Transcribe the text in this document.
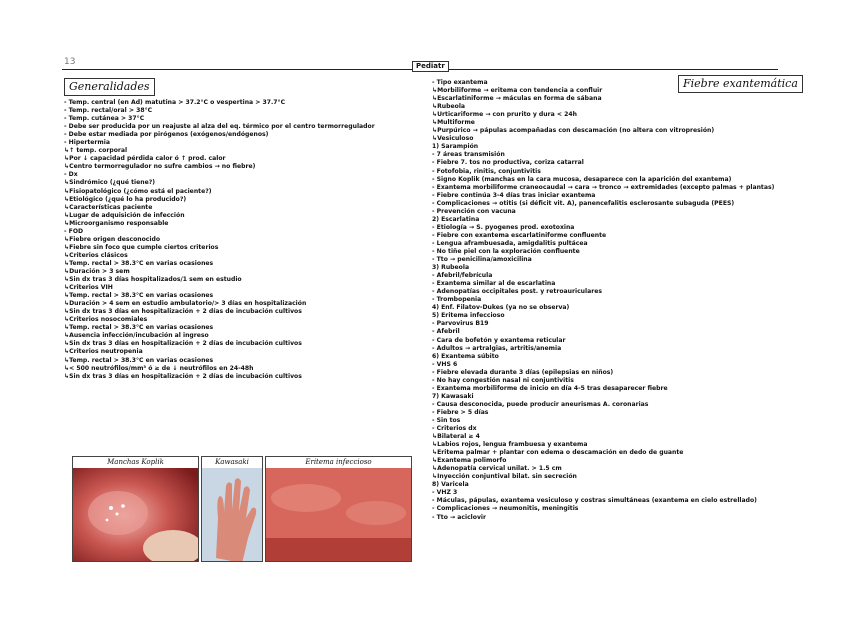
13	Pediatr
Generalidades	Fiebre exantemática
- Temp. central (en Ad) matutina > 37.2°C o vespertina > 37.7°C
- Temp. rectal/oral > 38°C
- Temp. cutánea > 37°C
- Debe ser producida por un reajuste al alza del eq. térmico por el centro termorregulador
- Debe estar mediada por pirógenos (exógenos/endógenos)
- Hipertermia
↳↑ temp. corporal
↳Por ↓ capacidad pérdida calor ó ↑ prod. calor
↳Centro termorregulador no sufre cambios → no fiebre)
- Dx
↳Sindrómico (¿qué tiene?)
↳Fisiopatológico (¿cómo está el paciente?)
↳Etiológico (¿qué lo ha producido?)
↳Características paciente
↳Lugar de adquisición de infección
↳Microorganismo responsable
- FOD
↳Fiebre origen desconocido
↳Fiebre sin foco que cumple ciertos criterios
↳Criterios clásicos
↳Temp. rectal > 38.3°C en varias ocasiones
↳Duración > 3 sem
↳Sin dx tras 3 días hospitalizados/1 sem en estudio
↳Criterios VIH
↳Temp. rectal > 38.3°C en varias ocasiones
↳Duración > 4 sem en estudio ambulatorio/> 3 días en hospitalización
↳Sin dx tras 3 días en hospitalización + 2 días de incubación cultivos
↳Criterios nosocomiales
↳Temp. rectal > 38.3°C en varias ocasiones
↳Ausencia infección/incubación al ingreso
↳Sin dx tras 3 días en hospitalización + 2 días de incubación cultivos
↳Criterios neutropenia
↳Temp. rectal > 38.3°C en varias ocasiones
↳< 500 neutrófilos/mm³ ó ≥ de ↓ neutrófilos en 24-48h
↳Sin dx tras 3 días en hospitalización + 2 días de incubación cultivos
- Tipo exantema
↳Morbiliforme → eritema con tendencia a confluir
↳Escarlatiniforme → máculas en forma de sábana
↳Rubeola
↳Urticariforme → con prurito y dura < 24h
↳Multiforme
↳Purpúrico → pápulas acompañadas con descamación (no altera con vitropresión)
↳Vesiculoso
1) Sarampión
- 7 áreas transmisión
- Fiebre 7. tos no productiva, coriza catarral
- Fotofobia, rinitis, conjuntivitis
- Signo Koplik (manchas en la cara mucosa, desaparece con la aparición del exantema)
- Exantema morbiliforme craneocaudal → cara → tronco → extremidades (excepto palmas + plantas)
- Fiebre continúa 3-4 días tras iniciar exantema
- Complicaciones → otitis (si déficit vit. A), panencefalitis esclerosante subaguda (PEES)
- Prevención con vacuna
2) Escarlatina
- Etiología → S. pyogenes prod. exotoxina
- Fiebre con exantema escarlatiniforme confluente
- Lengua aframbuesada, amigdalitis pultácea
- No tiñe piel con la exploración confluente
- Tto → penicilina/amoxicilina
3) Rubeola
- Afebril/febrícula
- Exantema similar al de escarlatina
- Adenopatías occipitales post. y retroauriculares
- Trombopenia
4) Enf. Filatov-Dukes (ya no se observa)
5) Eritema infeccioso
- Parvovirus B19
- Afebril
- Cara de bofetón y exantema reticular
- Adultos → artralgias, artritis/anemia
6) Exantema súbito
- VHS 6
- Fiebre elevada durante 3 días (epilepsias en niños)
- No hay congestión nasal ni conjuntivitis
- Exantema morbiliforme de inicio en día 4-5 tras desaparecer fiebre
7) Kawasaki
- Causa desconocida, puede producir aneurismas A. coronarias
- Fiebre > 5 días
- Sin tos
- Criterios dx
↳Bilateral ≥ 4
↳Labios rojos, lengua frambuesa y exantema
↳Eritema palmar + plantar con edema o descamación en dedo de guante
↳Exantema polimorfo
↳Adenopatía cervical unilat. > 1.5 cm
↳Inyección conjuntival bilat. sin secreción
8) Varicela
- VHZ 3
- Máculas, pápulas, exantema vesiculoso y costras simultáneas (exantema en cielo estrellado)
- Complicaciones → neumonitis, meningitis
- Tto → aciclovir
Manchas Koplik	Kawasaki	Eritema infeccioso
